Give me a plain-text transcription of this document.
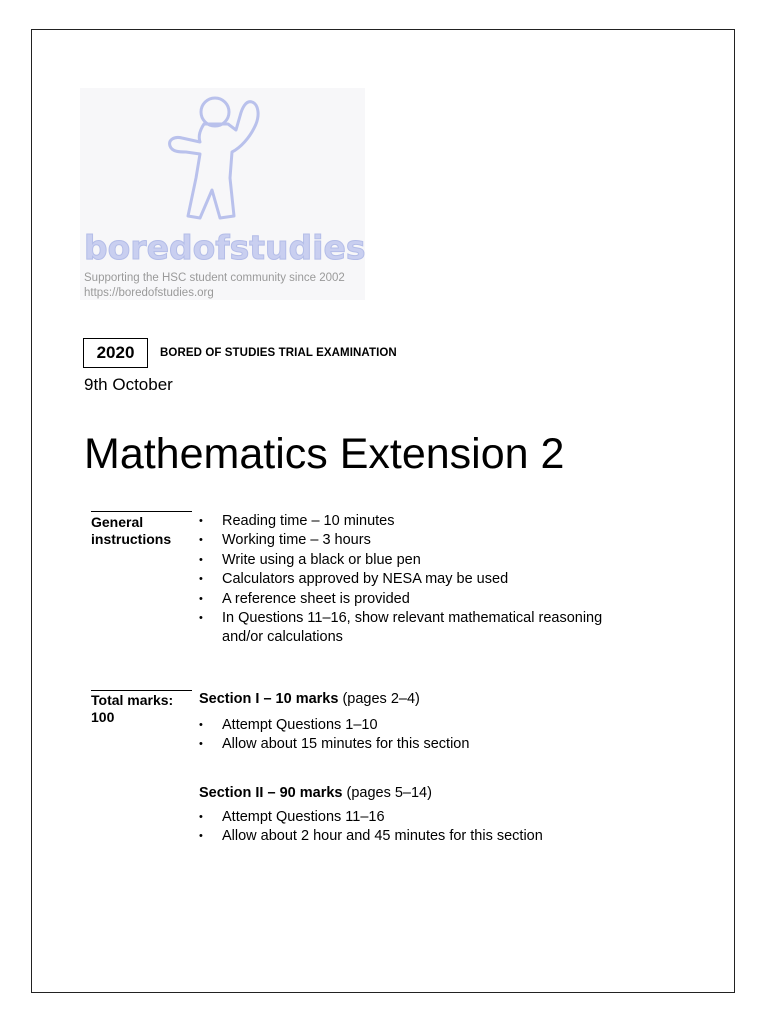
boredofstudies
Supporting the HSC student community since 2002
https://boredofstudies.org
2020	BORED OF STUDIES TRIAL EXAMINATION
9th October
Mathematics Extension 2
General
instructions
• Reading time – 10 minutes
• Working time – 3 hours
• Write using a black or blue pen
• Calculators approved by NESA may be used
• A reference sheet is provided
• In Questions 11–16, show relevant mathematical reasoning
and/or calculations
Total marks:
100
Section I – 10 marks (pages 2–4)
• Attempt Questions 1–10
• Allow about 15 minutes for this section
Section II – 90 marks (pages 5–14)
• Attempt Questions 11–16
• Allow about 2 hour and 45 minutes for this section
